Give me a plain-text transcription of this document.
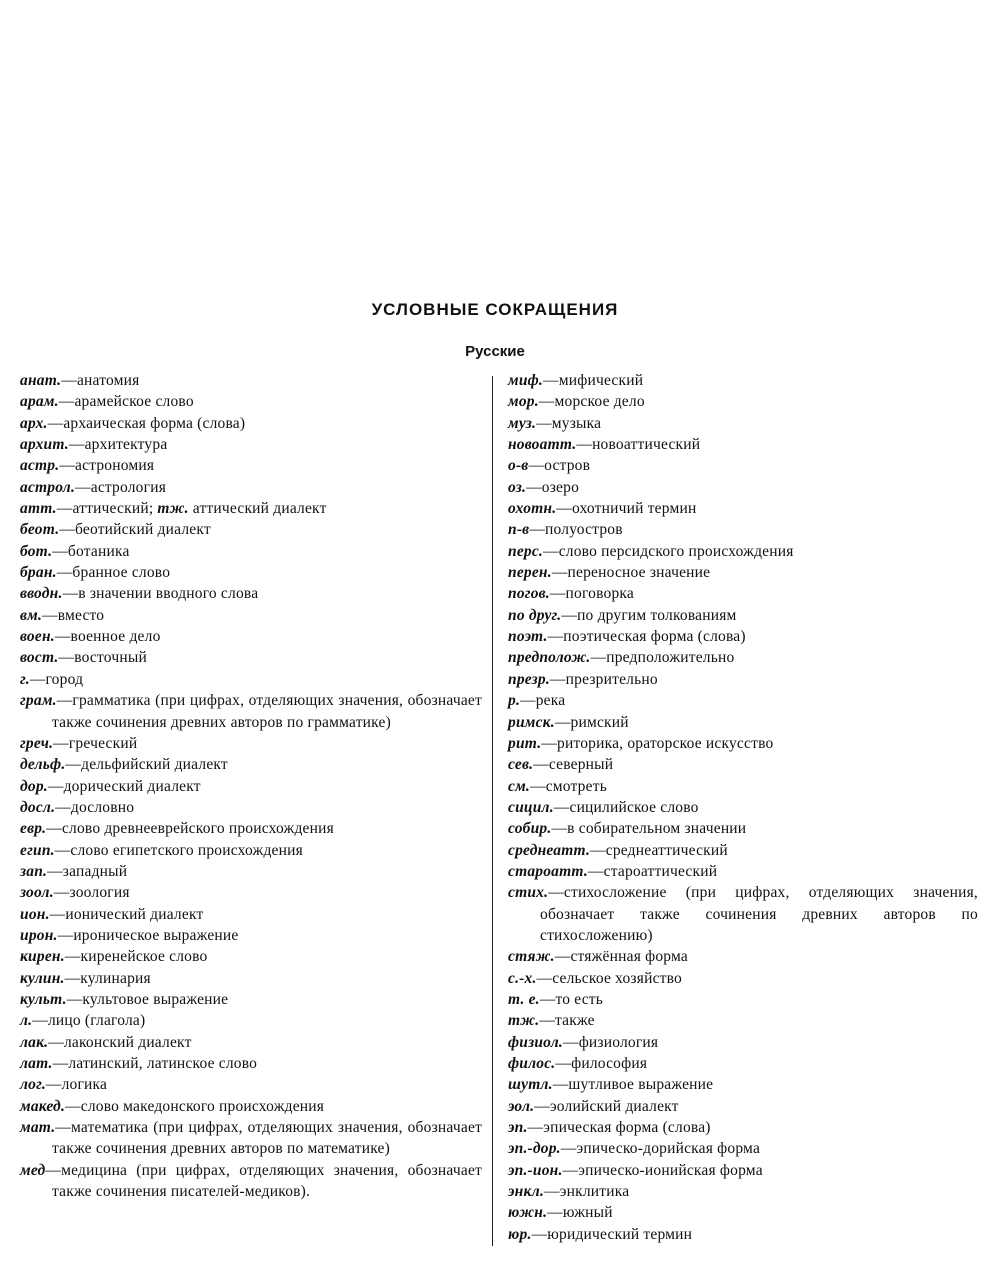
УСЛОВНЫЕ СОКРАЩЕНИЯ
Русские
анат.—анатомия
арам.—арамейское слово
арх.—архаическая форма (слова)
архит.—архитектура
астр.—астрономия
астрол.—астрология
атт.—аттический; тж. аттический диалект
беот.—беотийский диалект
бот.—ботаника
бран.—бранное слово
вводн.—в значении вводного слова
вм.—вместо
воен.—военное дело
вост.—восточный
г.—город
грам.—грамматика (при цифрах, отделяющих значения, обозначает также сочинения древних авторов по грамматике)
греч.—греческий
дельф.—дельфийский диалект
дор.—дорический диалект
досл.—дословно
евр.—слово древнееврейского происхождения
егип.—слово египетского происхождения
зап.—западный
зоол.—зоология
ион.—ионический диалект
ирон.—ироническое выражение
кирен.—киренейское слово
кулин.—кулинария
культ.—культовое выражение
л.—лицо (глагола)
лак.—лаконский диалект
лат.—латинский, латинское слово
лог.—логика
макед.—слово македонского происхождения
мат.—математика (при цифрах, отделяющих значения, обозначает также сочинения древних авторов по математике)
мед—медицина (при цифрах, отделяющих значения, обозначает также сочинения писателей-медиков).
миф.—мифический
мор.—морское дело
муз.—музыка
новоатт.—новоаттический
о-в—остров
оз.—озеро
охотн.—охотничий термин
п-в—полуостров
перс.—слово персидского происхождения
перен.—переносное значение
погов.—поговорка
по друг.—по другим толкованиям
поэт.—поэтическая форма (слова)
предполож.—предположительно
презр.—презрительно
р.—река
римск.—римский
рит.—риторика, ораторское искусство
сев.—северный
см.—смотреть
сицил.—сицилийское слово
собир.—в собирательном значении
среднеатт.—среднеаттический
староатт.—староаттический
стих.—стихосложение (при цифрах, отделяющих значения, обозначает также сочинения древних авторов по стихосложению)
стяж.—стяжённая форма
с.-х.—сельское хозяйство
т. е.—то есть
тж.—также
физиол.—физиология
филос.—философия
шутл.—шутливое выражение
эол.—эолийский диалект
эп.—эпическая форма (слова)
эп.-дор.—эпическо-дорийская форма
эп.-ион.—эпическо-ионийская форма
энкл.—энклитика
южн.—южный
юр.—юридический термин
